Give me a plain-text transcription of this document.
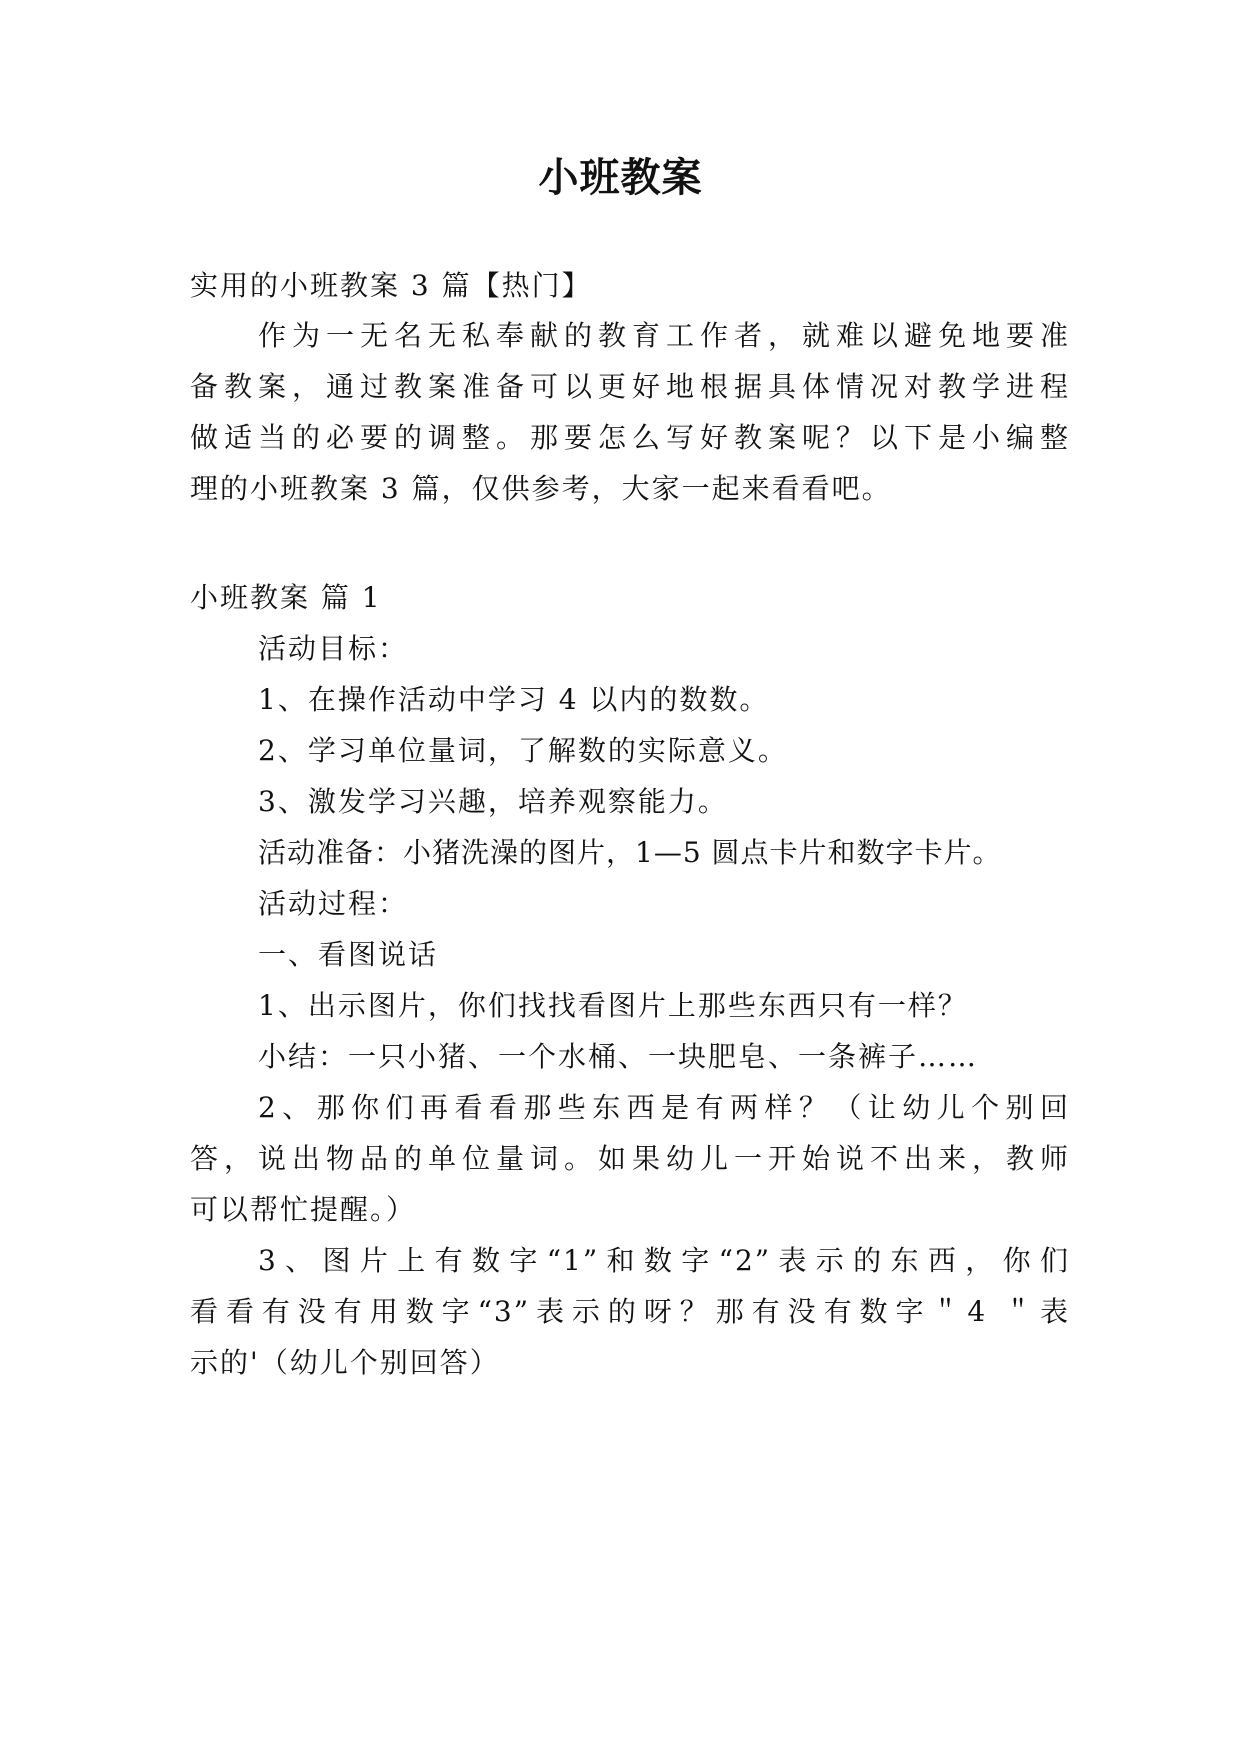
小班教案
实用的小班教案 3 篇【热门】
作为一无名无私奉献的教育工作者，就难以避免地要准
备教案，通过教案准备可以更好地根据具体情况对教学进程
做适当的必要的调整。那要怎么写好教案呢？以下是小编整
理的小班教案 3 篇，仅供参考，大家一起来看看吧。
小班教案 篇 1
活动目标：
1、在操作活动中学习 4 以内的数数。
2、学习单位量词，了解数的实际意义。
3、激发学习兴趣，培养观察能力。
活动准备：小猪洗澡的图片，1—5 圆点卡片和数字卡片。
活动过程：
一、看图说话
1、出示图片，你们找找看图片上那些东西只有一样？
小结：一只小猪、一个水桶、一块肥皂、一条裤子……
2、那你们再看看那些东西是有两样？（让幼儿个别回
答，说出物品的单位量词。如果幼儿一开始说不出来，教师
可以帮忙提醒。）
3、图片上有数字“1”和数字“2”表示的东西，你们
看看有没有用数字“3”表示的呀？那有没有数字＂4 ＂表
示的'（幼儿个别回答）
